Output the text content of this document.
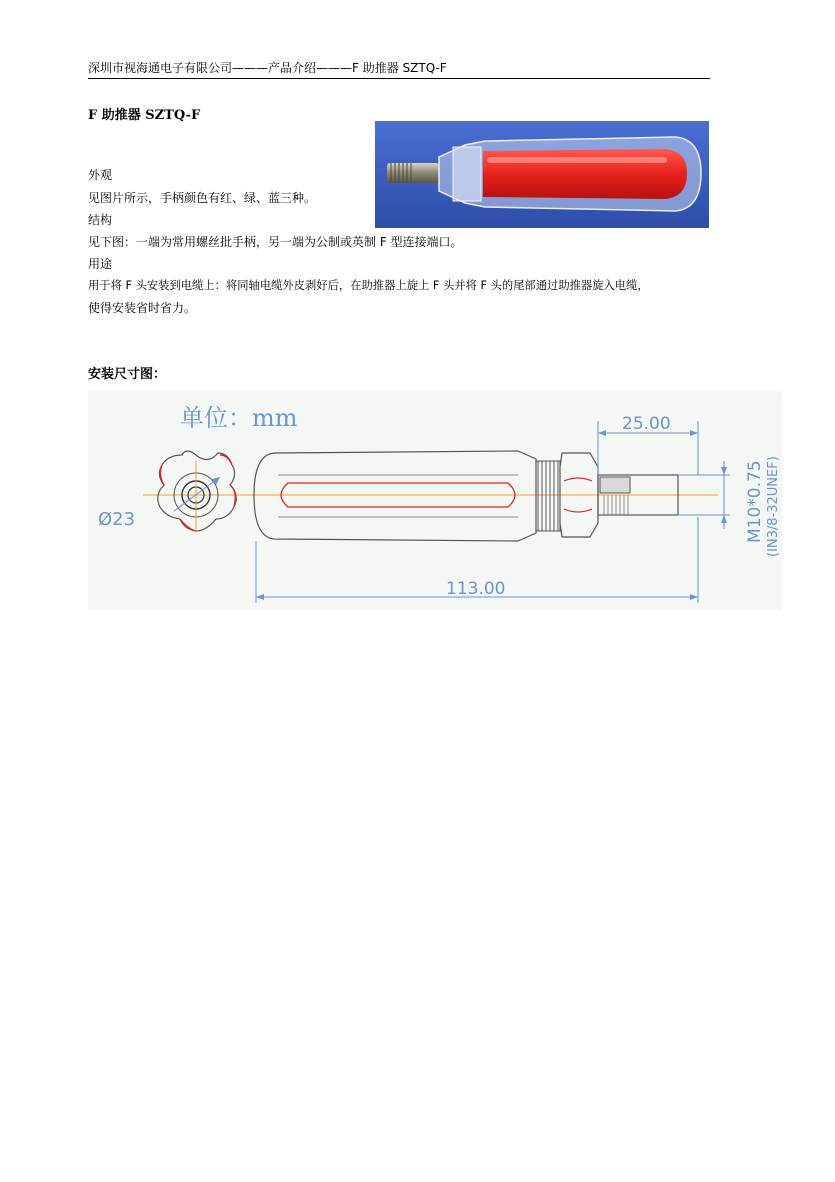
深圳市视海通电子有限公司———产品介绍———F 助推器 SZTQ-F
F 助推器 SZTQ-F
外观
见图片所示，手柄颜色有红、绿、蓝三种。
结构
见下图：一端为常用螺丝批手柄，另一端为公制或英制 F 型连接端口。
用途
用于将 F 头安装到电缆上：将同轴电缆外皮剥好后，在助推器上旋上 F 头并将 F 头的尾部通过助推器旋入电缆，
使得安装省时省力。
安装尺寸图：
单位：mm
Ø23
25.00
113.00
M10*0.75 (IN3/8-32UNEF)
